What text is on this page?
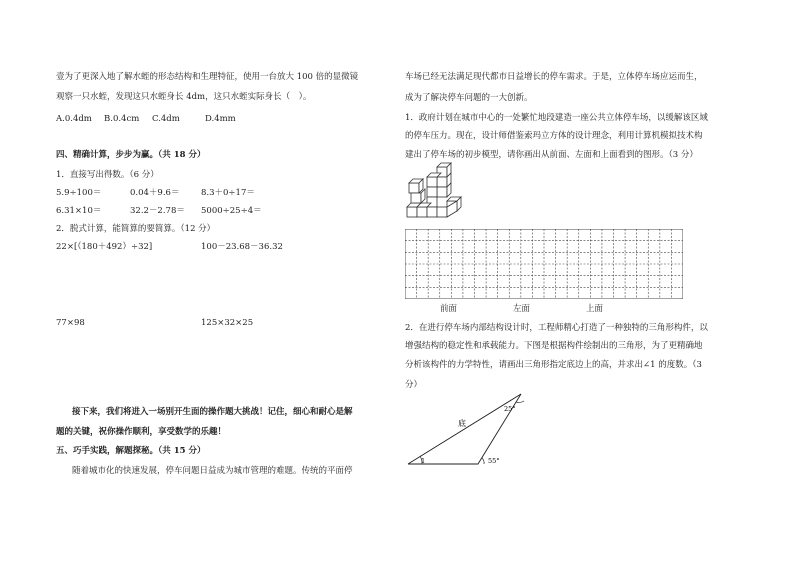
壹为了更深入地了解水蛭的形态结构和生理特征，使用一台放大 100 倍的显微镜
观察一只水蛭，发现这只水蛭身长 4dm，这只水蛭实际身长（　）。
A.0.4dm B.0.4cm C.4dm	D.4mm
四、精确计算，步步为赢。（共 18 分）
1．直接写出得数。（6 分）
5.9÷100＝	0.04＋9.6＝	8.3＋0÷17＝
6.31×10＝	32.2－2.78＝ 5000÷25÷4＝
2．脱式计算，能简算的要简算。（12 分）
22×[（180＋492）÷32]	100－23.68－36.32
77×98	125×32×25
接下来，我们将进入一场别开生面的操作题大挑战！记住，细心和耐心是解
题的关键，祝你操作顺利，享受数学的乐趣！
五、巧手实践，解题探秘。（共 15 分）
随着城市化的快速发展，停车问题日益成为城市管理的难题。传统的平面停
车场已经无法满足现代都市日益增长的停车需求。于是，立体停车场应运而生，
成为了解决停车问题的一大创新。
1．政府计划在城市中心的一处繁忙地段建造一座公共立体停车场，以缓解该区域
的停车压力。现在，设计师借鉴索玛立方体的设计理念，利用计算机模拟技术构
建出了停车场的初步模型，请你画出从前面、左面和上面看到的图形。（3 分）
前面	左面	上面
2．在进行停车场内部结构设计时，工程师精心打造了一种独特的三角形构件，以
增强结构的稳定性和承载能力。下图是根据构件绘制出的三角形，为了更精确地
分析该构件的力学特性，请画出三角形指定底边上的高，并求出∠1 的度数。（3
分）
底
25°
55°
1
